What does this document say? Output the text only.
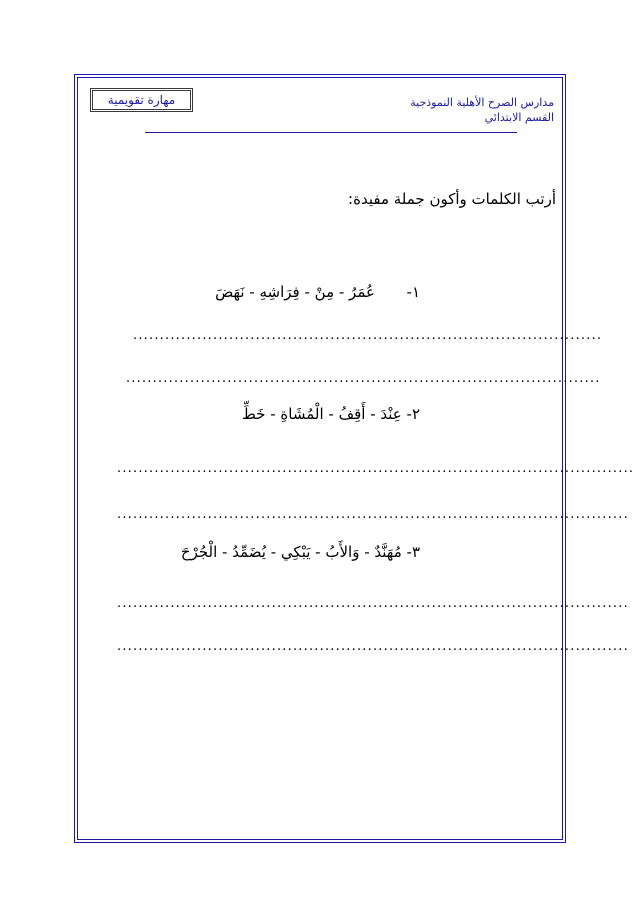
مدارس الصرح الأهلية النموذجية
القسم الابتدائي
مهارة تقويمية
أرتب الكلمات وأكون جملة مفيدة:
١-  عُمَرُ - مِنْ - فِرَاشِهِ - نَهَضَ
........................................................................................
.........................................................................................
٢- عِنْدَ - أَقِفُ - الْمُشَاةِ - خَطِّ
.................................................................................................
................................................................................................
٣- مُهَنَّدٌ - وَالأَبُ - يَبْكِي - يُضَمِّدُ - الْجُرْحَ
................................................................................................
................................................................................................
